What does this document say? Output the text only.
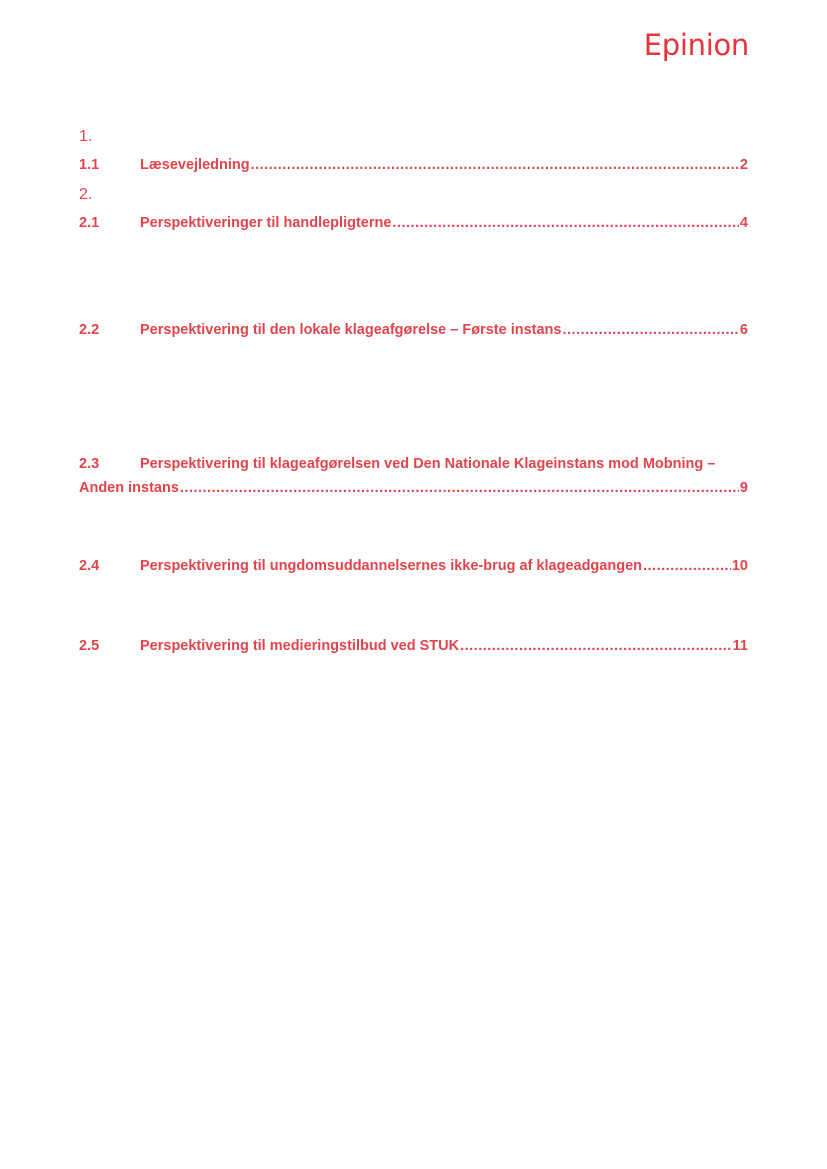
Epinion
1.
1.1	Læsevejledning .....	2
2.
2.1	Perspektiveringer til handlepligterne .....	4
2.2	Perspektivering til den lokale klageafgørelse – Første instans .....	6
2.3	Perspektivering til klageafgørelsen ved Den Nationale Klageinstans mod Mobning –
Anden instans .....	9
2.4	Perspektivering til ungdomsuddannelsernes ikke-brug af klageadgangen .....	10
2.5	Perspektivering til medieringstilbud ved STUK .....	11
